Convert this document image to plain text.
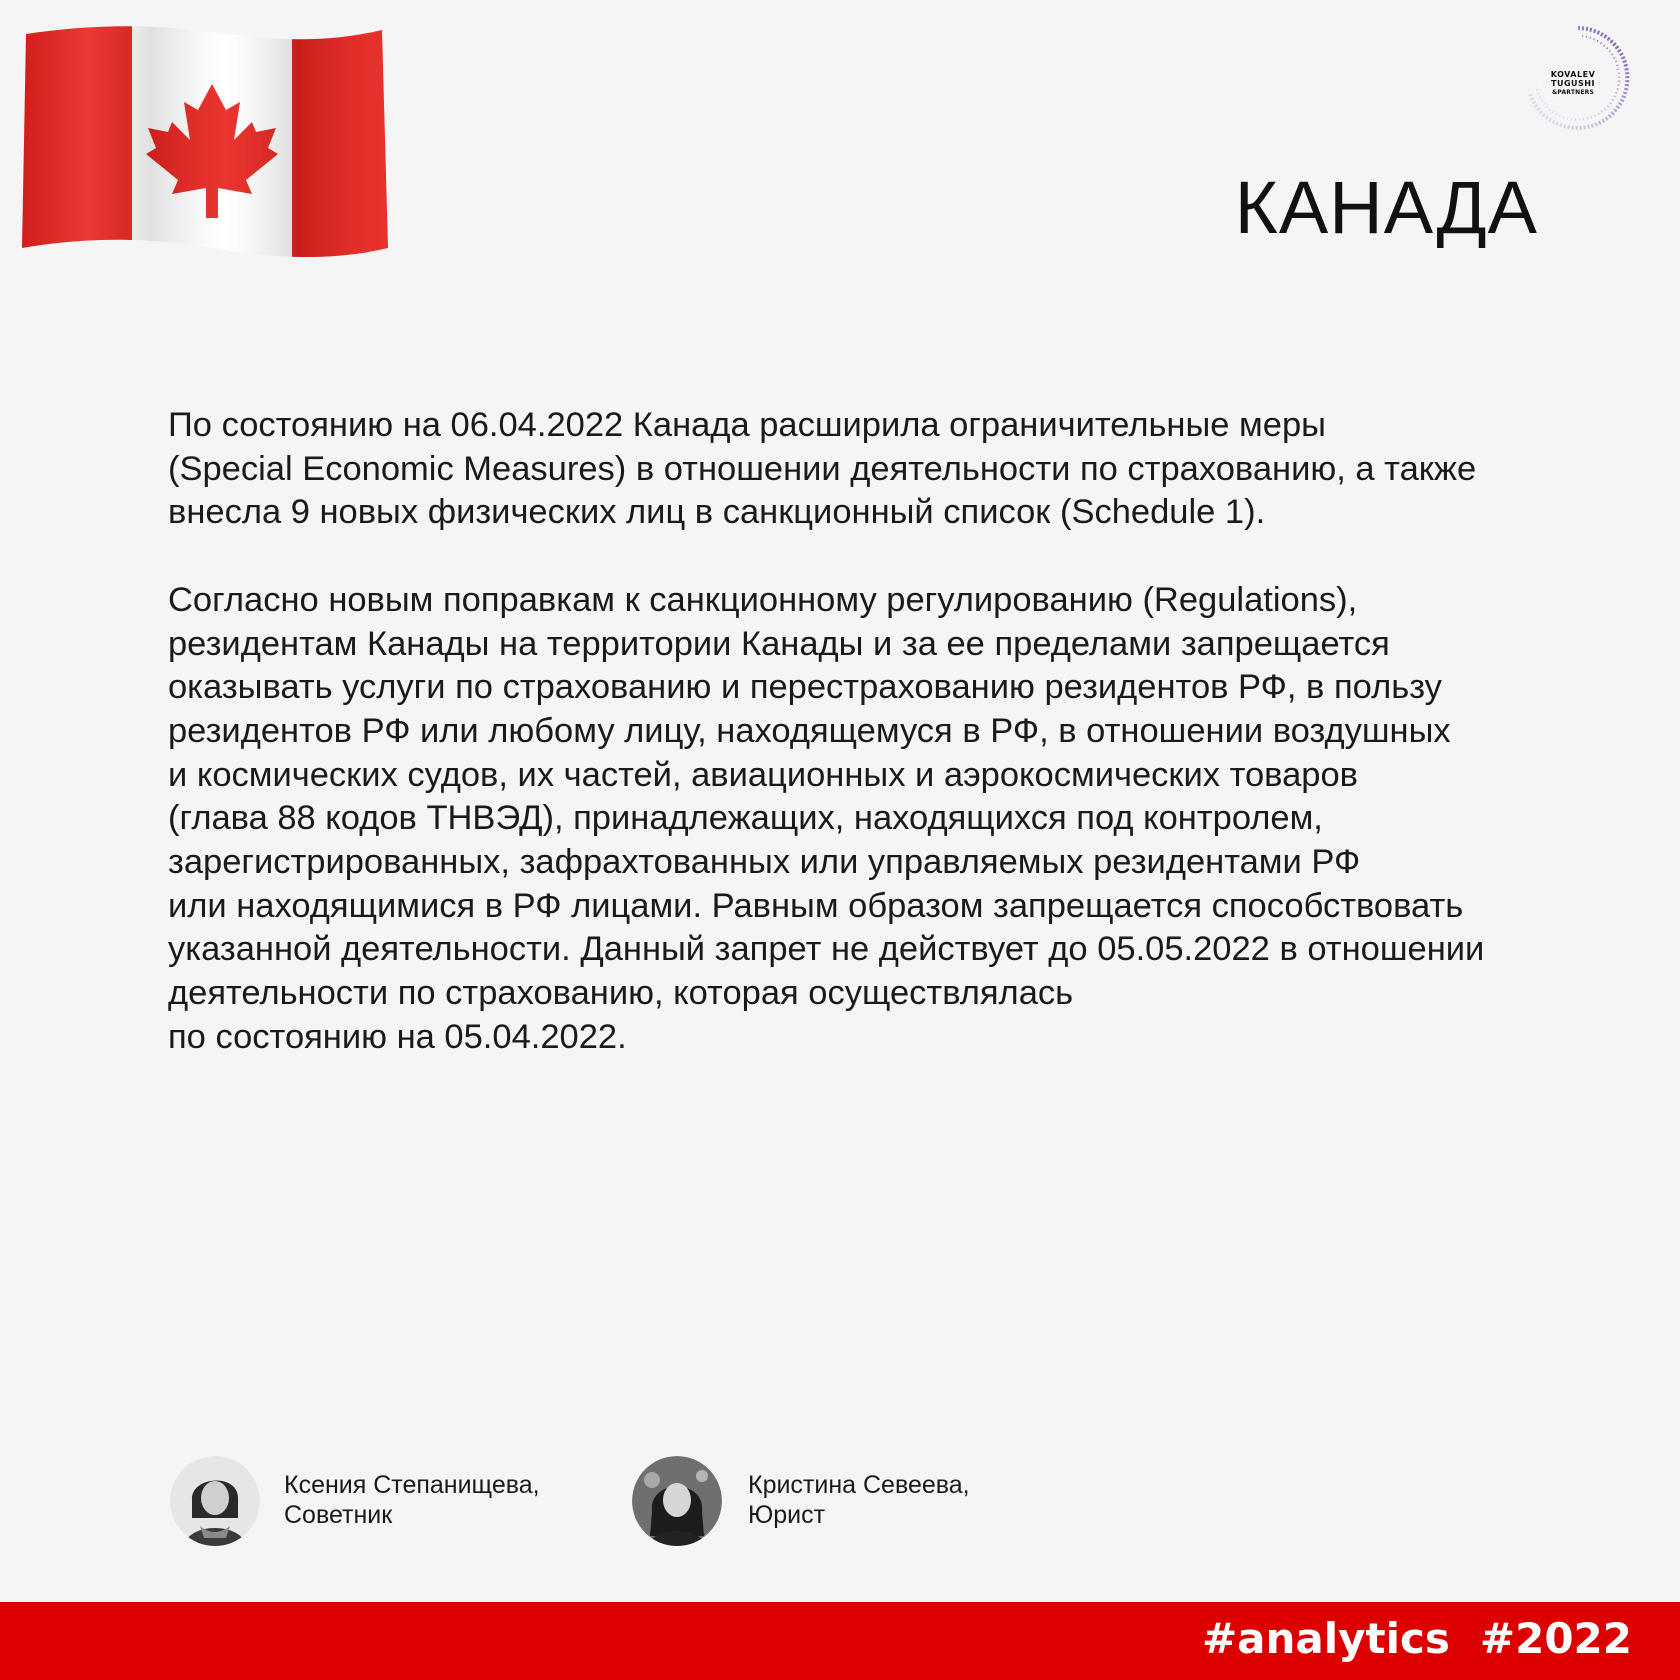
KOVALEV
TUGUSHI
&PARTNERS
КАНАДА

По состоянию на 06.04.2022 Канада расширила ограничительные меры
(Special Economic Measures) в отношении деятельности по страхованию, а также
внесла 9 новых физических лиц в санкционный список (Schedule 1).

Согласно новым поправкам к санкционному регулированию (Regulations),
резидентам Канады на территории Канады и за ее пределами запрещается
оказывать услуги по страхованию и перестрахованию резидентов РФ, в пользу
резидентов РФ или любому лицу, находящемуся в РФ, в отношении воздушных
и космических судов, их частей, авиационных и аэрокосмических товаров
(глава 88 кодов ТНВЭД), принадлежащих, находящихся под контролем,
зарегистрированных, зафрахтованных или управляемых резидентами РФ
или находящимися в РФ лицами. Равным образом запрещается способствовать
указанной деятельности. Данный запрет не действует до 05.05.2022 в отношении
деятельности по страхованию, которая осуществлялась
по состоянию на 05.04.2022.

Ксения Степанищева,
Советник
Кристина Севеева,
Юрист
#analytics #2022
